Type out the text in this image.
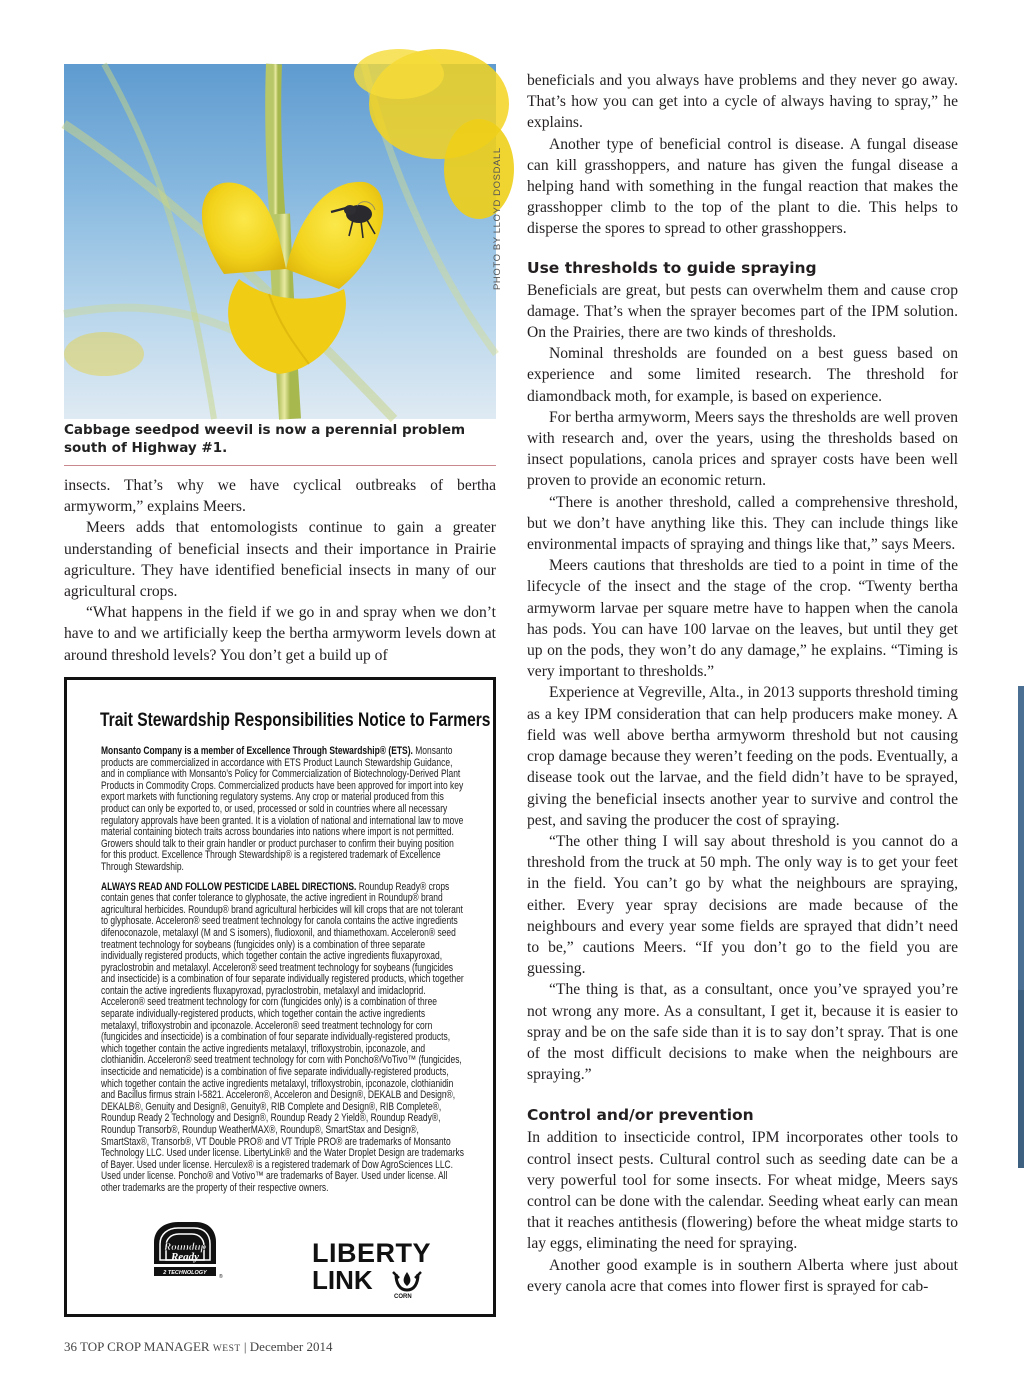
PHOTO BY LLOYD DOSDALL
Cabbage seedpod weevil is now a perennial problem south of Highway #1.

insects. That’s why we have cyclical outbreaks of bertha armyworm,” explains Meers.

Meers adds that entomologists continue to gain a greater understanding of beneficial insects and their importance in Prairie agriculture. They have identified beneficial insects in many of our agricultural crops.

“What happens in the field if we go in and spray when we don’t have to and we artificially keep the bertha armyworm levels down at around threshold levels? You don’t get a build up of

Trait Stewardship Responsibilities Notice to Farmers

Monsanto Company is a member of Excellence Through Stewardship® (ETS). Monsanto products are commercialized in accordance with ETS Product Launch Stewardship Guidance, and in compliance with Monsanto’s Policy for Commercialization of Biotechnology-Derived Plant Products in Commodity Crops. Commercialized products have been approved for import into key export markets with functioning regulatory systems. Any crop or material produced from this product can only be exported to, or used, processed or sold in countries where all necessary regulatory approvals have been granted. It is a violation of national and international law to move material containing biotech traits across boundaries into nations where import is not permitted. Growers should talk to their grain handler or product purchaser to confirm their buying position for this product. Excellence Through Stewardship® is a registered trademark of Excellence Through Stewardship.

ALWAYS READ AND FOLLOW PESTICIDE LABEL DIRECTIONS. Roundup Ready® crops contain genes that confer tolerance to glyphosate, the active ingredient in Roundup® brand agricultural herbicides. Roundup® brand agricultural herbicides will kill crops that are not tolerant to glyphosate. Acceleron® seed treatment technology for canola contains the active ingredients difenoconazole, metalaxyl (M and S isomers), fludioxonil, and thiamethoxam. Acceleron® seed treatment technology for soybeans (fungicides only) is a combination of three separate individually registered products, which together contain the active ingredients fluxapyroxad, pyraclostrobin and metalaxyl. Acceleron® seed treatment technology for soybeans (fungicides and insecticide) is a combination of four separate individually registered products, which together contain the active ingredients fluxapyroxad, pyraclostrobin, metalaxyl and imidacloprid. Acceleron® seed treatment technology for corn (fungicides only) is a combination of three separate individually-registered products, which together contain the active ingredients metalaxyl, trifloxystrobin and ipconazole. Acceleron® seed treatment technology for corn (fungicides and insecticide) is a combination of four separate individually-registered products, which together contain the active ingredients metalaxyl, trifloxystrobin, ipconazole, and clothianidin. Acceleron® seed treatment technology for corn with Poncho®/VoTivo™ (fungicides, insecticide and nematicide) is a combination of five separate individually-registered products, which together contain the active ingredients metalaxyl, trifloxystrobin, ipconazole, clothianidin and Bacillus firmus strain I-5821. Acceleron®, Acceleron and Design®, DEKALB and Design®, DEKALB®, Genuity and Design®, Genuity®, RIB Complete and Design®, RIB Complete®, Roundup Ready 2 Technology and Design®, Roundup Ready 2 Yield®, Roundup Ready®, Roundup Transorb®, Roundup WeatherMAX®, Roundup®, SmartStax and Design®, SmartStax®, Transorb®, VT Double PRO® and VT Triple PRO® are trademarks of Monsanto Technology LLC. Used under license. LibertyLink® and the Water Droplet Design are trademarks of Bayer. Used under license. Herculex® is a registered trademark of Dow AgroSciences LLC. Used under license. Poncho® and Votivo™ are trademarks of Bayer. Used under license. All other trademarks are the property of their respective owners.

Roundup
Ready
2 TECHNOLOGY
®
LIBERTY
LINK
CORN

beneficials and you always have problems and they never go away. That’s how you can get into a cycle of always having to spray,” he explains.

Another type of beneficial control is disease. A fungal disease can kill grasshoppers, and nature has given the fungal disease a helping hand with something in the fungal reaction that makes the grasshopper climb to the top of the plant to die. This helps to disperse the spores to spread to other grasshoppers.

Use thresholds to guide spraying

Beneficials are great, but pests can overwhelm them and cause crop damage. That’s when the sprayer becomes part of the IPM solution. On the Prairies, there are two kinds of thresholds.

Nominal thresholds are founded on a best guess based on experience and some limited research. The threshold for diamondback moth, for example, is based on experience.

For bertha armyworm, Meers says the thresholds are well proven with research and, over the years, using the thresholds based on insect populations, canola prices and sprayer costs have been well proven to provide an economic return.

“There is another threshold, called a comprehensive threshold, but we don’t have anything like this. They can include things like environmental impacts of spraying and things like that,” says Meers.

Meers cautions that thresholds are tied to a point in time of the lifecycle of the insect and the stage of the crop. “Twenty bertha armyworm larvae per square metre have to happen when the canola has pods. You can have 100 larvae on the leaves, but until they get up on the pods, they won’t do any damage,” he explains. “Timing is very important to thresholds.”

Experience at Vegreville, Alta., in 2013 supports threshold timing as a key IPM consideration that can help producers make money. A field was well above bertha armyworm threshold but not causing crop damage because they weren’t feeding on the pods. Eventually, a disease took out the larvae, and the field didn’t have to be sprayed, giving the beneficial insects another year to survive and control the pest, and saving the producer the cost of spraying.

“The other thing I will say about threshold is you cannot do a threshold from the truck at 50 mph. The only way is to get your feet in the field. You can’t go by what the neighbours are spraying, either. Every year spray decisions are made because of the neighbours and every year some fields are sprayed that didn’t need to be,” cautions Meers. “If you don’t go to the field you are guessing.

“The thing is that, as a consultant, once you’ve sprayed you’re not wrong any more. As a consultant, I get it, because it is easier to spray and be on the safe side than it is to say don’t spray. That is one of the most difficult decisions to make when the neighbours are spraying.”

Control and/or prevention

In addition to insecticide control, IPM incorporates other tools to control insect pests. Cultural control such as seeding date can be a very powerful tool for some insects. For wheat midge, Meers says control can be done with the calendar. Seeding wheat early can mean that it reaches antithesis (flowering) before the wheat midge starts to lay eggs, eliminating the need for spraying.

Another good example is in southern Alberta where just about every canola acre that comes into flower first is sprayed for cab-

36 TOP CROP MANAGER WEST | December 2014
